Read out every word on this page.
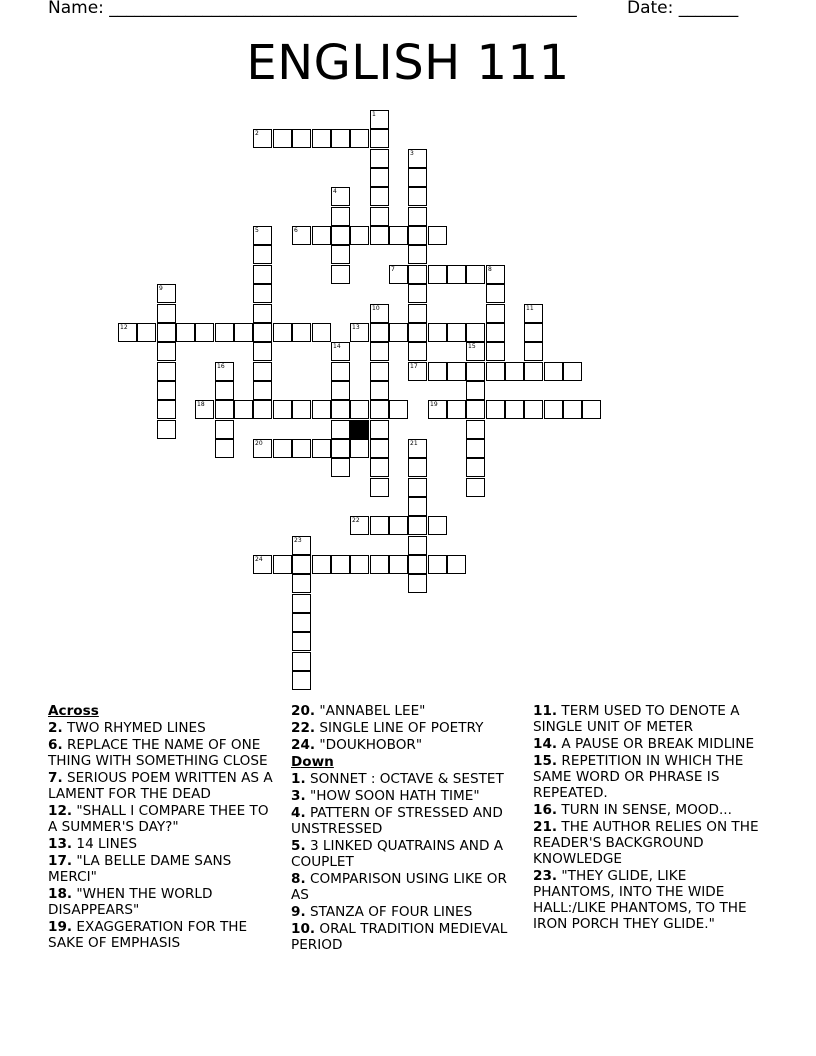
Name: _______________________________________________________	Date: _______
ENGLISH 111
1
2
3
17
4
5	6
7	8
9
10	11
12	13
14	15
16
18	19
20	21
22
23
24
Across
2. TWO RHYMED LINES
6. REPLACE THE NAME OF ONE THING WITH SOMETHING CLOSE
7. SERIOUS POEM WRITTEN AS A LAMENT FOR THE DEAD
12. "SHALL I COMPARE THEE TO A SUMMER'S DAY?"
13. 14 LINES
17. "LA BELLE DAME SANS MERCI"
18. "WHEN THE WORLD DISAPPEARS"
19. EXAGGERATION FOR THE SAKE OF EMPHASIS
20. "ANNABEL LEE"
22. SINGLE LINE OF POETRY
24. "DOUKHOBOR"
Down
1. SONNET : OCTAVE & SESTET
3. "HOW SOON HATH TIME"
4. PATTERN OF STRESSED AND UNSTRESSED
5. 3 LINKED QUATRAINS AND A COUPLET
8. COMPARISON USING LIKE OR AS
9. STANZA OF FOUR LINES
10. ORAL TRADITION MEDIEVAL PERIOD
11. TERM USED TO DENOTE A SINGLE UNIT OF METER
14. A PAUSE OR BREAK MIDLINE
15. REPETITION IN WHICH THE SAME WORD OR PHRASE IS REPEATED.
16. TURN IN SENSE, MOOD...
21. THE AUTHOR RELIES ON THE READER'S BACKGROUND KNOWLEDGE
23. "THEY GLIDE, LIKE PHANTOMS, INTO THE WIDE HALL:/LIKE PHANTOMS, TO THE IRON PORCH THEY GLIDE."
